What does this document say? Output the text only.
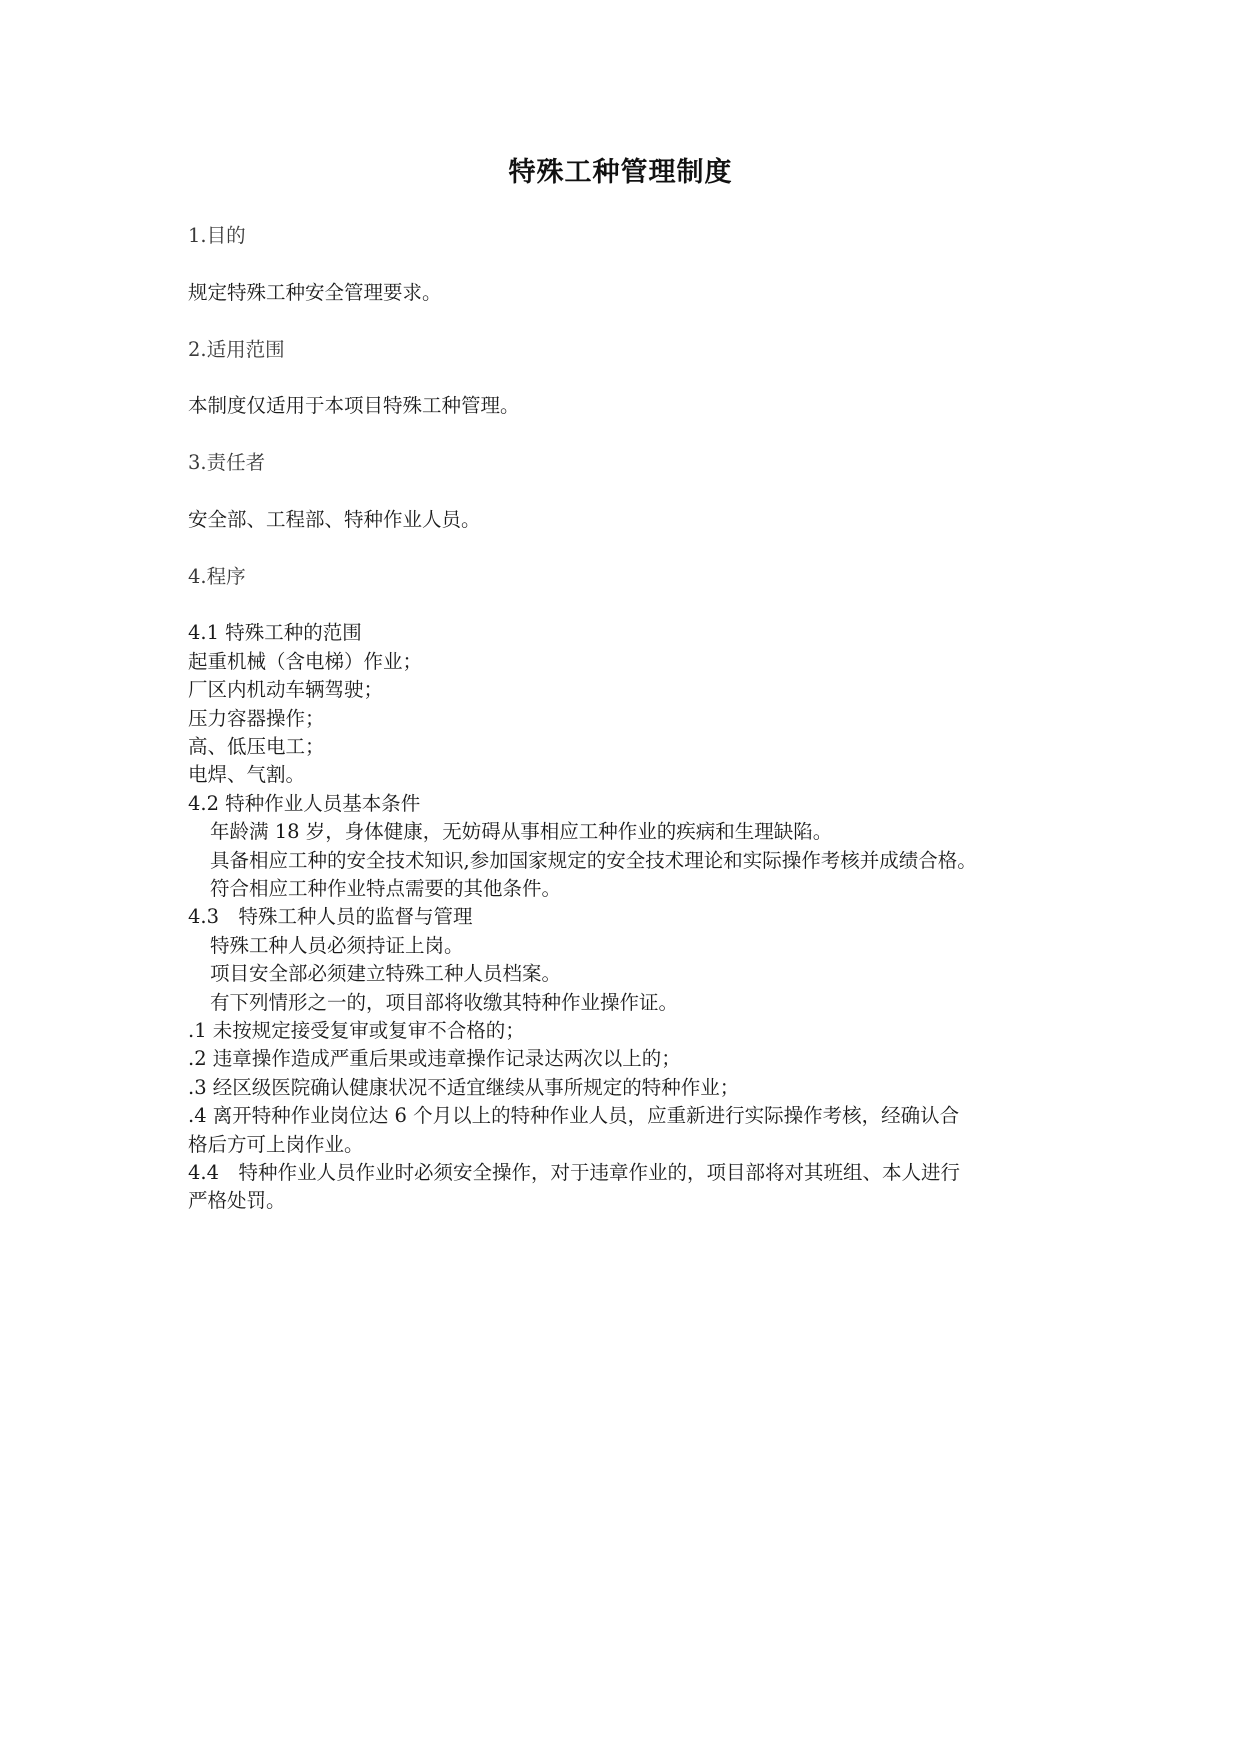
特殊工种管理制度
1.目的
规定特殊工种安全管理要求。
2.适用范围
本制度仅适用于本项目特殊工种管理。
3.责任者
安全部、工程部、特种作业人员。
4.程序
4.1 特殊工种的范围
起重机械（含电梯）作业；
厂区内机动车辆驾驶；
压力容器操作；
高、低压电工；
电焊、气割。
4.2 特种作业人员基本条件
年龄满 18 岁，身体健康，无妨碍从事相应工种作业的疾病和生理缺陷。
具备相应工种的安全技术知识,参加国家规定的安全技术理论和实际操作考核并成绩合格。
符合相应工种作业特点需要的其他条件。
4.3　特殊工种人员的监督与管理
特殊工种人员必须持证上岗。
项目安全部必须建立特殊工种人员档案。
有下列情形之一的，项目部将收缴其特种作业操作证。
.1 未按规定接受复审或复审不合格的；
.2 违章操作造成严重后果或违章操作记录达两次以上的；
.3 经区级医院确认健康状况不适宜继续从事所规定的特种作业；
.4 离开特种作业岗位达 6 个月以上的特种作业人员，应重新进行实际操作考核，经确认合
格后方可上岗作业。
4.4　特种作业人员作业时必须安全操作，对于违章作业的，项目部将对其班组、本人进行
严格处罚。
